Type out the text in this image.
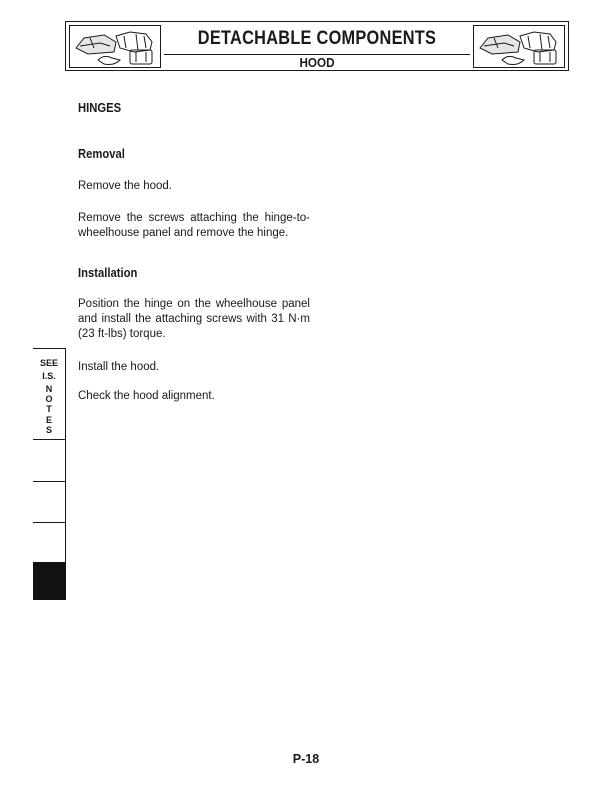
DETACHABLE COMPONENTS
HOOD
HINGES
Removal
Remove the hood.
Remove the screws attaching the hinge-to-wheelhouse panel and remove the hinge.
Installation
Position the hinge on the wheelhouse panel and install the attaching screws with 31 N·m (23 ft-lbs) torque.
Install the hood.
Check the hood alignment.
SEE
I.S.
N
O
T
E
S
P-18
